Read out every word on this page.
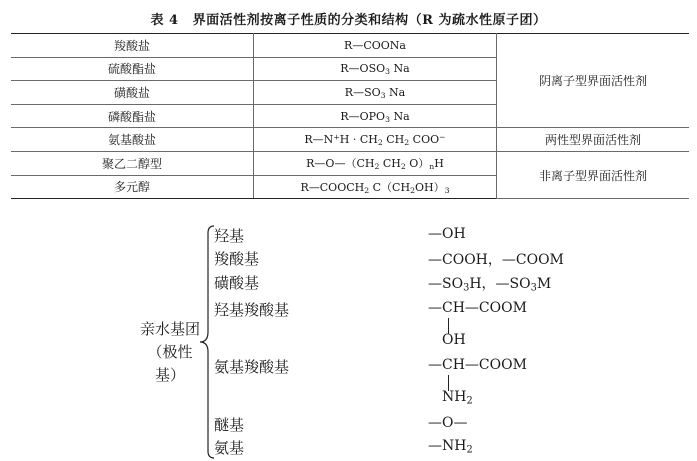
表 4 界面活性剂按离子性质的分类和结构（R 为疏水性原子团）
羧酸盐	R—COONa	阴离子型界面活性剂
硫酸酯盐	$R—OSO_3$ Na	
磺酸盐	$R—SO_3$ Na	
磷酸酯盐	$R—OPO_3$ Na	
氨基酸盐	R—N+H · $CH_2$ $CH_2$ COO−	两性型界面活性剂
聚乙二醇型	$R—O—(CH_2$ $CH_2$ $O)_nH$	非离子型界面活性剂
多元醇	$R—COOCH_2$ $C(CH_2OH)_3$
亲水基团
（极性基）
羟基
羧酸基
磺酸基
羟基羧酸基
氨基羧酸基
醚基
氨基
—OH
—COOH，—COOM
$—SO_3H$，$—SO_3M$
—CH—COOM
OH
—CH—COOM
$NH_2$
—O—
$—NH_2$
